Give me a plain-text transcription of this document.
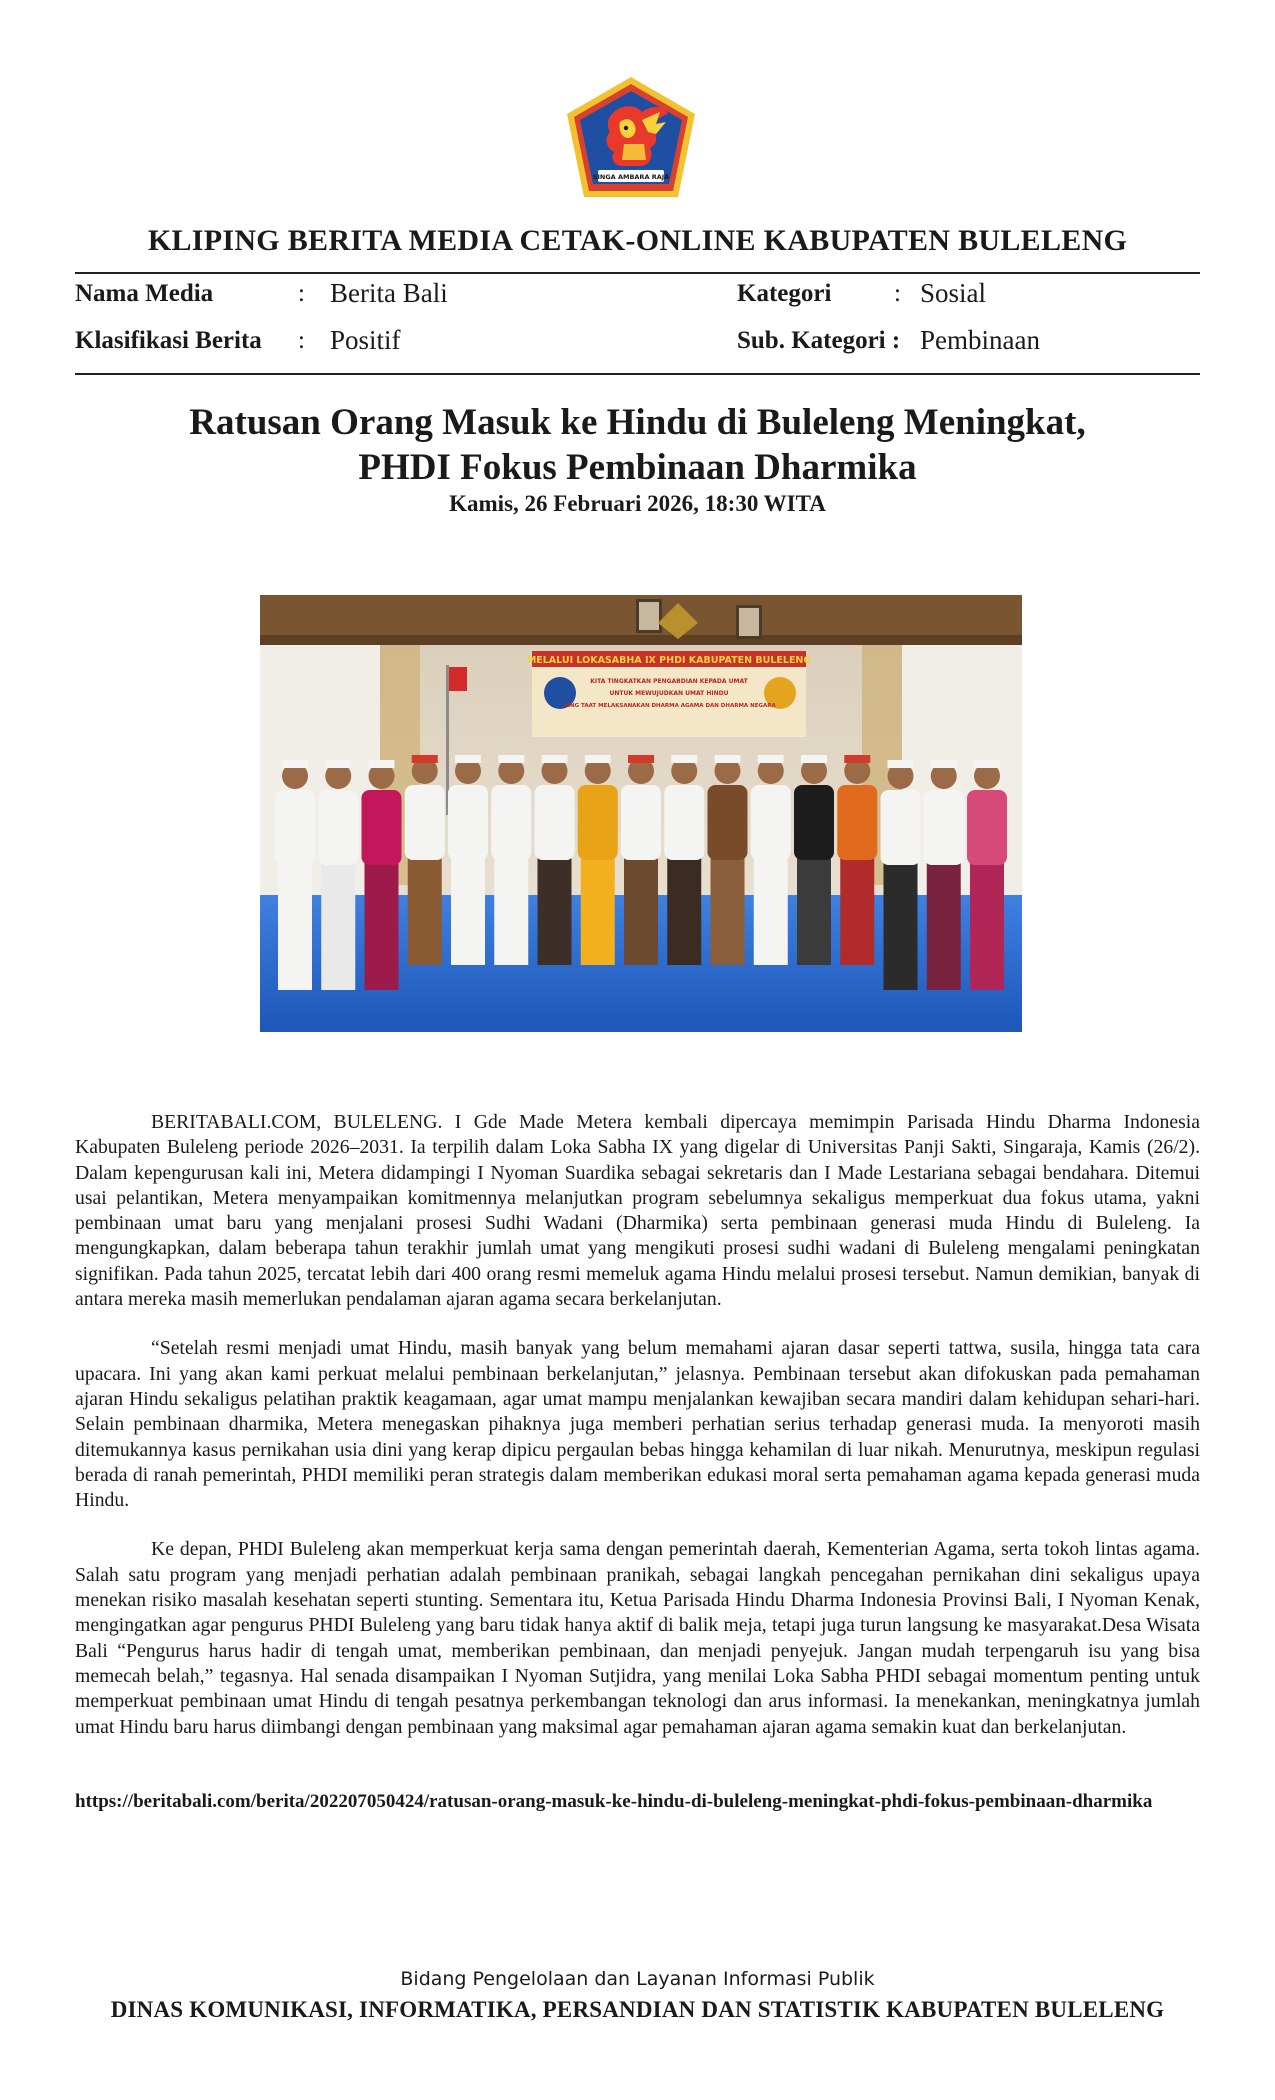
SINGA AMBARA RAJA
KLIPING BERITA MEDIA CETAK-ONLINE KABUPATEN BULELENG
Nama Media	: Berita Bali	Kategori	: Sosial
Klasifikasi Berita : Positif	Sub. Kategori : Pembinaan
Ratusan Orang Masuk ke Hindu di Buleleng Meningkat,
PHDI Fokus Pembinaan Dharmika
Kamis, 26 Februari 2026, 18:30 WITA
MELALUI LOKASABHA IX PHDI KABUPATEN BULELENG
KITA TINGKATKAN PENGABDIAN KEPADA UMAT
UNTUK MEWUJUDKAN UMAT HINDU
YANG TAAT MELAKSANAKAN DHARMA AGAMA DAN DHARMA NEGARA

BERITABALI.COM, BULELENG. I Gde Made Metera kembali dipercaya memimpin Parisada Hindu Dharma Indonesia Kabupaten Buleleng periode 2026–2031. Ia terpilih dalam Loka Sabha IX yang digelar di Universitas Panji Sakti, Singaraja, Kamis (26/2). Dalam kepengurusan kali ini, Metera didampingi I Nyoman Suardika sebagai sekretaris dan I Made Lestariana sebagai bendahara. Ditemui usai pelantikan, Metera menyampaikan komitmennya melanjutkan program sebelumnya sekaligus memperkuat dua fokus utama, yakni pembinaan umat baru yang menjalani prosesi Sudhi Wadani (Dharmika) serta pembinaan generasi muda Hindu di Buleleng. Ia mengungkapkan, dalam beberapa tahun terakhir jumlah umat yang mengikuti prosesi sudhi wadani di Buleleng mengalami peningkatan signifikan. Pada tahun 2025, tercatat lebih dari 400 orang resmi memeluk agama Hindu melalui prosesi tersebut. Namun demikian, banyak di antara mereka masih memerlukan pendalaman ajaran agama secara berkelanjutan.

“Setelah resmi menjadi umat Hindu, masih banyak yang belum memahami ajaran dasar seperti tattwa, susila, hingga tata cara upacara. Ini yang akan kami perkuat melalui pembinaan berkelanjutan,” jelasnya. Pembinaan tersebut akan difokuskan pada pemahaman ajaran Hindu sekaligus pelatihan praktik keagamaan, agar umat mampu menjalankan kewajiban secara mandiri dalam kehidupan sehari-hari. Selain pembinaan dharmika, Metera menegaskan pihaknya juga memberi perhatian serius terhadap generasi muda. Ia menyoroti masih ditemukannya kasus pernikahan usia dini yang kerap dipicu pergaulan bebas hingga kehamilan di luar nikah. Menurutnya, meskipun regulasi berada di ranah pemerintah, PHDI memiliki peran strategis dalam memberikan edukasi moral serta pemahaman agama kepada generasi muda Hindu.

Ke depan, PHDI Buleleng akan memperkuat kerja sama dengan pemerintah daerah, Kementerian Agama, serta tokoh lintas agama. Salah satu program yang menjadi perhatian adalah pembinaan pranikah, sebagai langkah pencegahan pernikahan dini sekaligus upaya menekan risiko masalah kesehatan seperti stunting. Sementara itu, Ketua Parisada Hindu Dharma Indonesia Provinsi Bali, I Nyoman Kenak, mengingatkan agar pengurus PHDI Buleleng yang baru tidak hanya aktif di balik meja, tetapi juga turun langsung ke masyarakat.Desa Wisata Bali “Pengurus harus hadir di tengah umat, memberikan pembinaan, dan menjadi penyejuk. Jangan mudah terpengaruh isu yang bisa memecah belah,” tegasnya. Hal senada disampaikan I Nyoman Sutjidra, yang menilai Loka Sabha PHDI sebagai momentum penting untuk memperkuat pembinaan umat Hindu di tengah pesatnya perkembangan teknologi dan arus informasi. Ia menekankan, meningkatnya jumlah umat Hindu baru harus diimbangi dengan pembinaan yang maksimal agar pemahaman ajaran agama semakin kuat dan berkelanjutan.

https://beritabali.com/berita/202207050424/ratusan-orang-masuk-ke-hindu-di-buleleng-meningkat-phdi-fokus-pembinaan-dharmika
Bidang Pengelolaan dan Layanan Informasi Publik
DINAS KOMUNIKASI, INFORMATIKA, PERSANDIAN DAN STATISTIK KABUPATEN BULELENG
